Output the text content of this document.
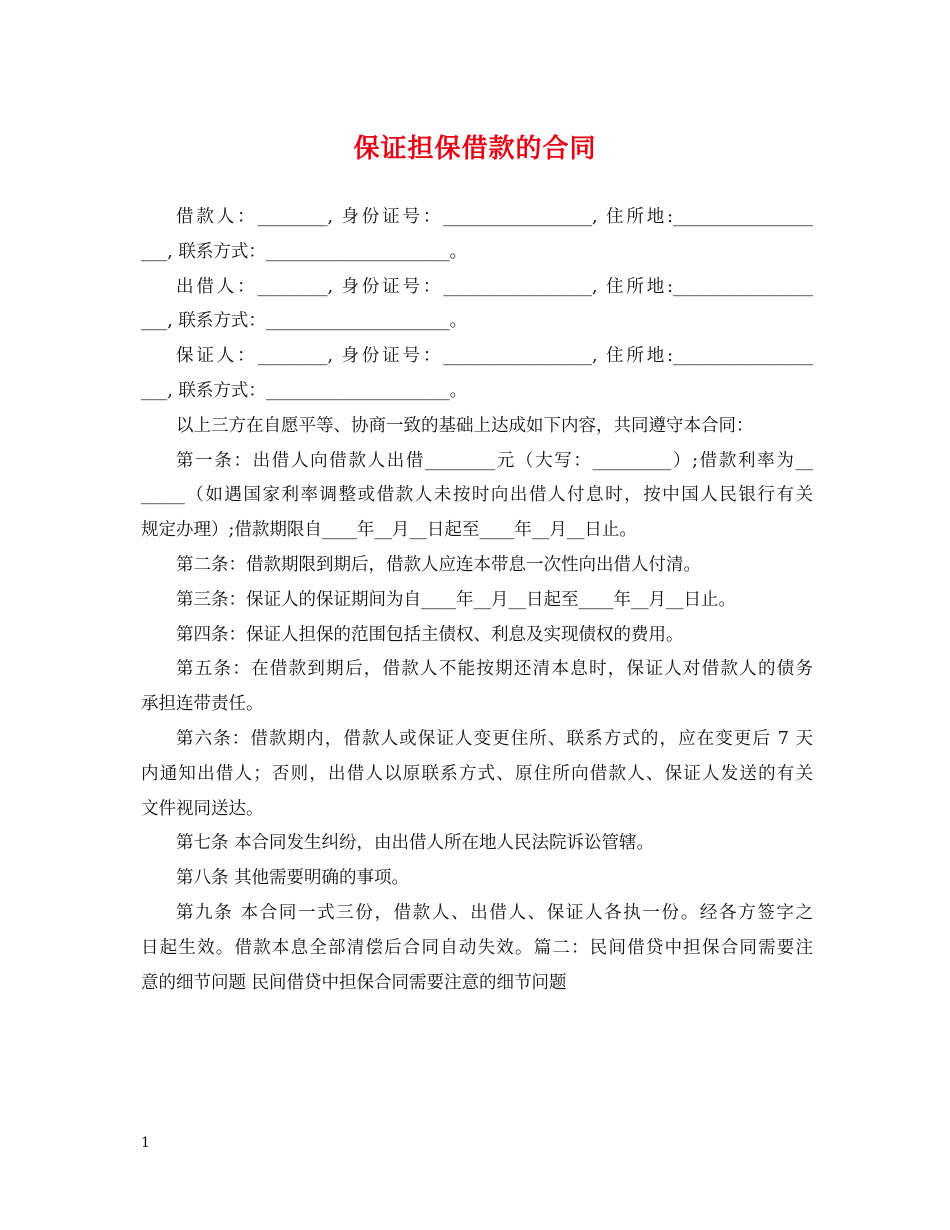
保证担保借款的合同
借款人：________, 身份证号：_________________, 住所地:________________
___, 联系方式：_____________________。
出借人：________, 身份证号：_________________, 住所地:________________
___, 联系方式：_____________________。
保证人：________, 身份证号：_________________, 住所地:________________
___, 联系方式：_____________________。
以上三方在自愿平等、协商一致的基础上达成如下内容，共同遵守本合同：
第一条：出借人向借款人出借________元（大写：_________）;借款利率为__
_____（如遇国家利率调整或借款人未按时向出借人付息时，按中国人民银行有关
规定办理）;借款期限自____年__月__日起至____年__月__日止。
第二条：借款期限到期后，借款人应连本带息一次性向出借人付清。
第三条：保证人的保证期间为自____年__月__日起至____年__月__日止。
第四条：保证人担保的范围包括主债权、利息及实现债权的费用。
第五条：在借款到期后，借款人不能按期还清本息时，保证人对借款人的债务
承担连带责任。
第六条：借款期内，借款人或保证人变更住所、联系方式的，应在变更后 7 天
内通知出借人；否则，出借人以原联系方式、原住所向借款人、保证人发送的有关
文件视同送达。
第七条 本合同发生纠纷，由出借人所在地人民法院诉讼管辖。
第八条 其他需要明确的事项。
第九条 本合同一式三份，借款人、出借人、保证人各执一份。经各方签字之
日起生效。借款本息全部清偿后合同自动失效。篇二：民间借贷中担保合同需要注
意的细节问题 民间借贷中担保合同需要注意的细节问题
1
